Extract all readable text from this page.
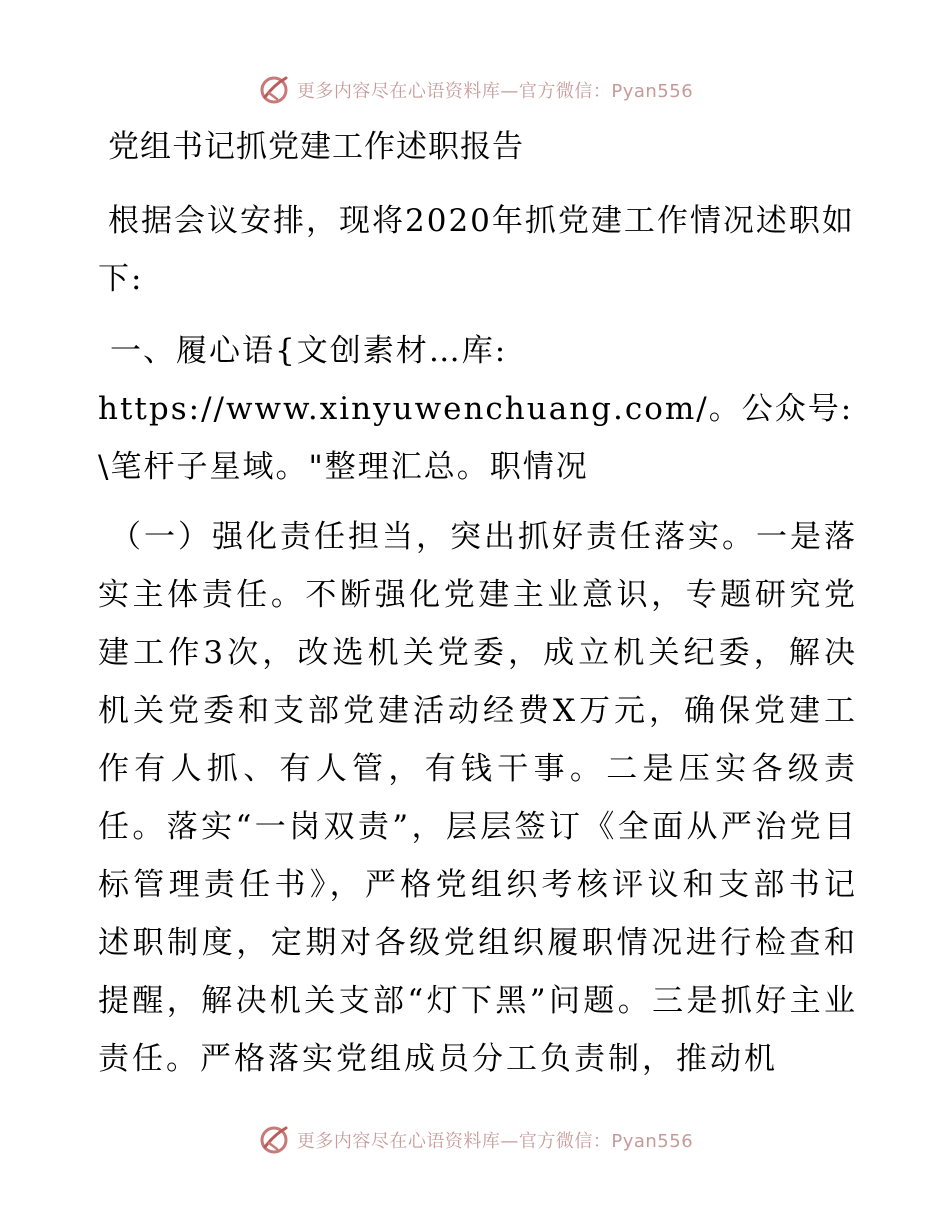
更多内容尽在心语资料库—官方微信：Pyan556
党组书记抓党建工作述职报告

根据会议安排，现将2020年抓党建工作情况述职如下:

一、履心语{文创素材…库: https://www.xinyuwenchuang.com/。公众号: \笔杆子星域。"整理汇总。职情况

（一）强化责任担当，突出抓好责任落实。一是落实主体责任。不断强化党建主业意识，专题研究党建工作3次，改选机关党委，成立机关纪委，解决机关党委和支部党建活动经费X万元，确保党建工作有人抓、有人管，有钱干事。二是压实各级责任。落实“一岗双责”，层层签订《全面从严治党目标管理责任书》，严格党组织考核评议和支部书记述职制度，定期对各级党组织履职情况进行检查和提醒，解决机关支部“灯下黑”问题。三是抓好主业责任。严格落实党组成员分工负责制，推动机

更多内容尽在心语资料库—官方微信：Pyan556
